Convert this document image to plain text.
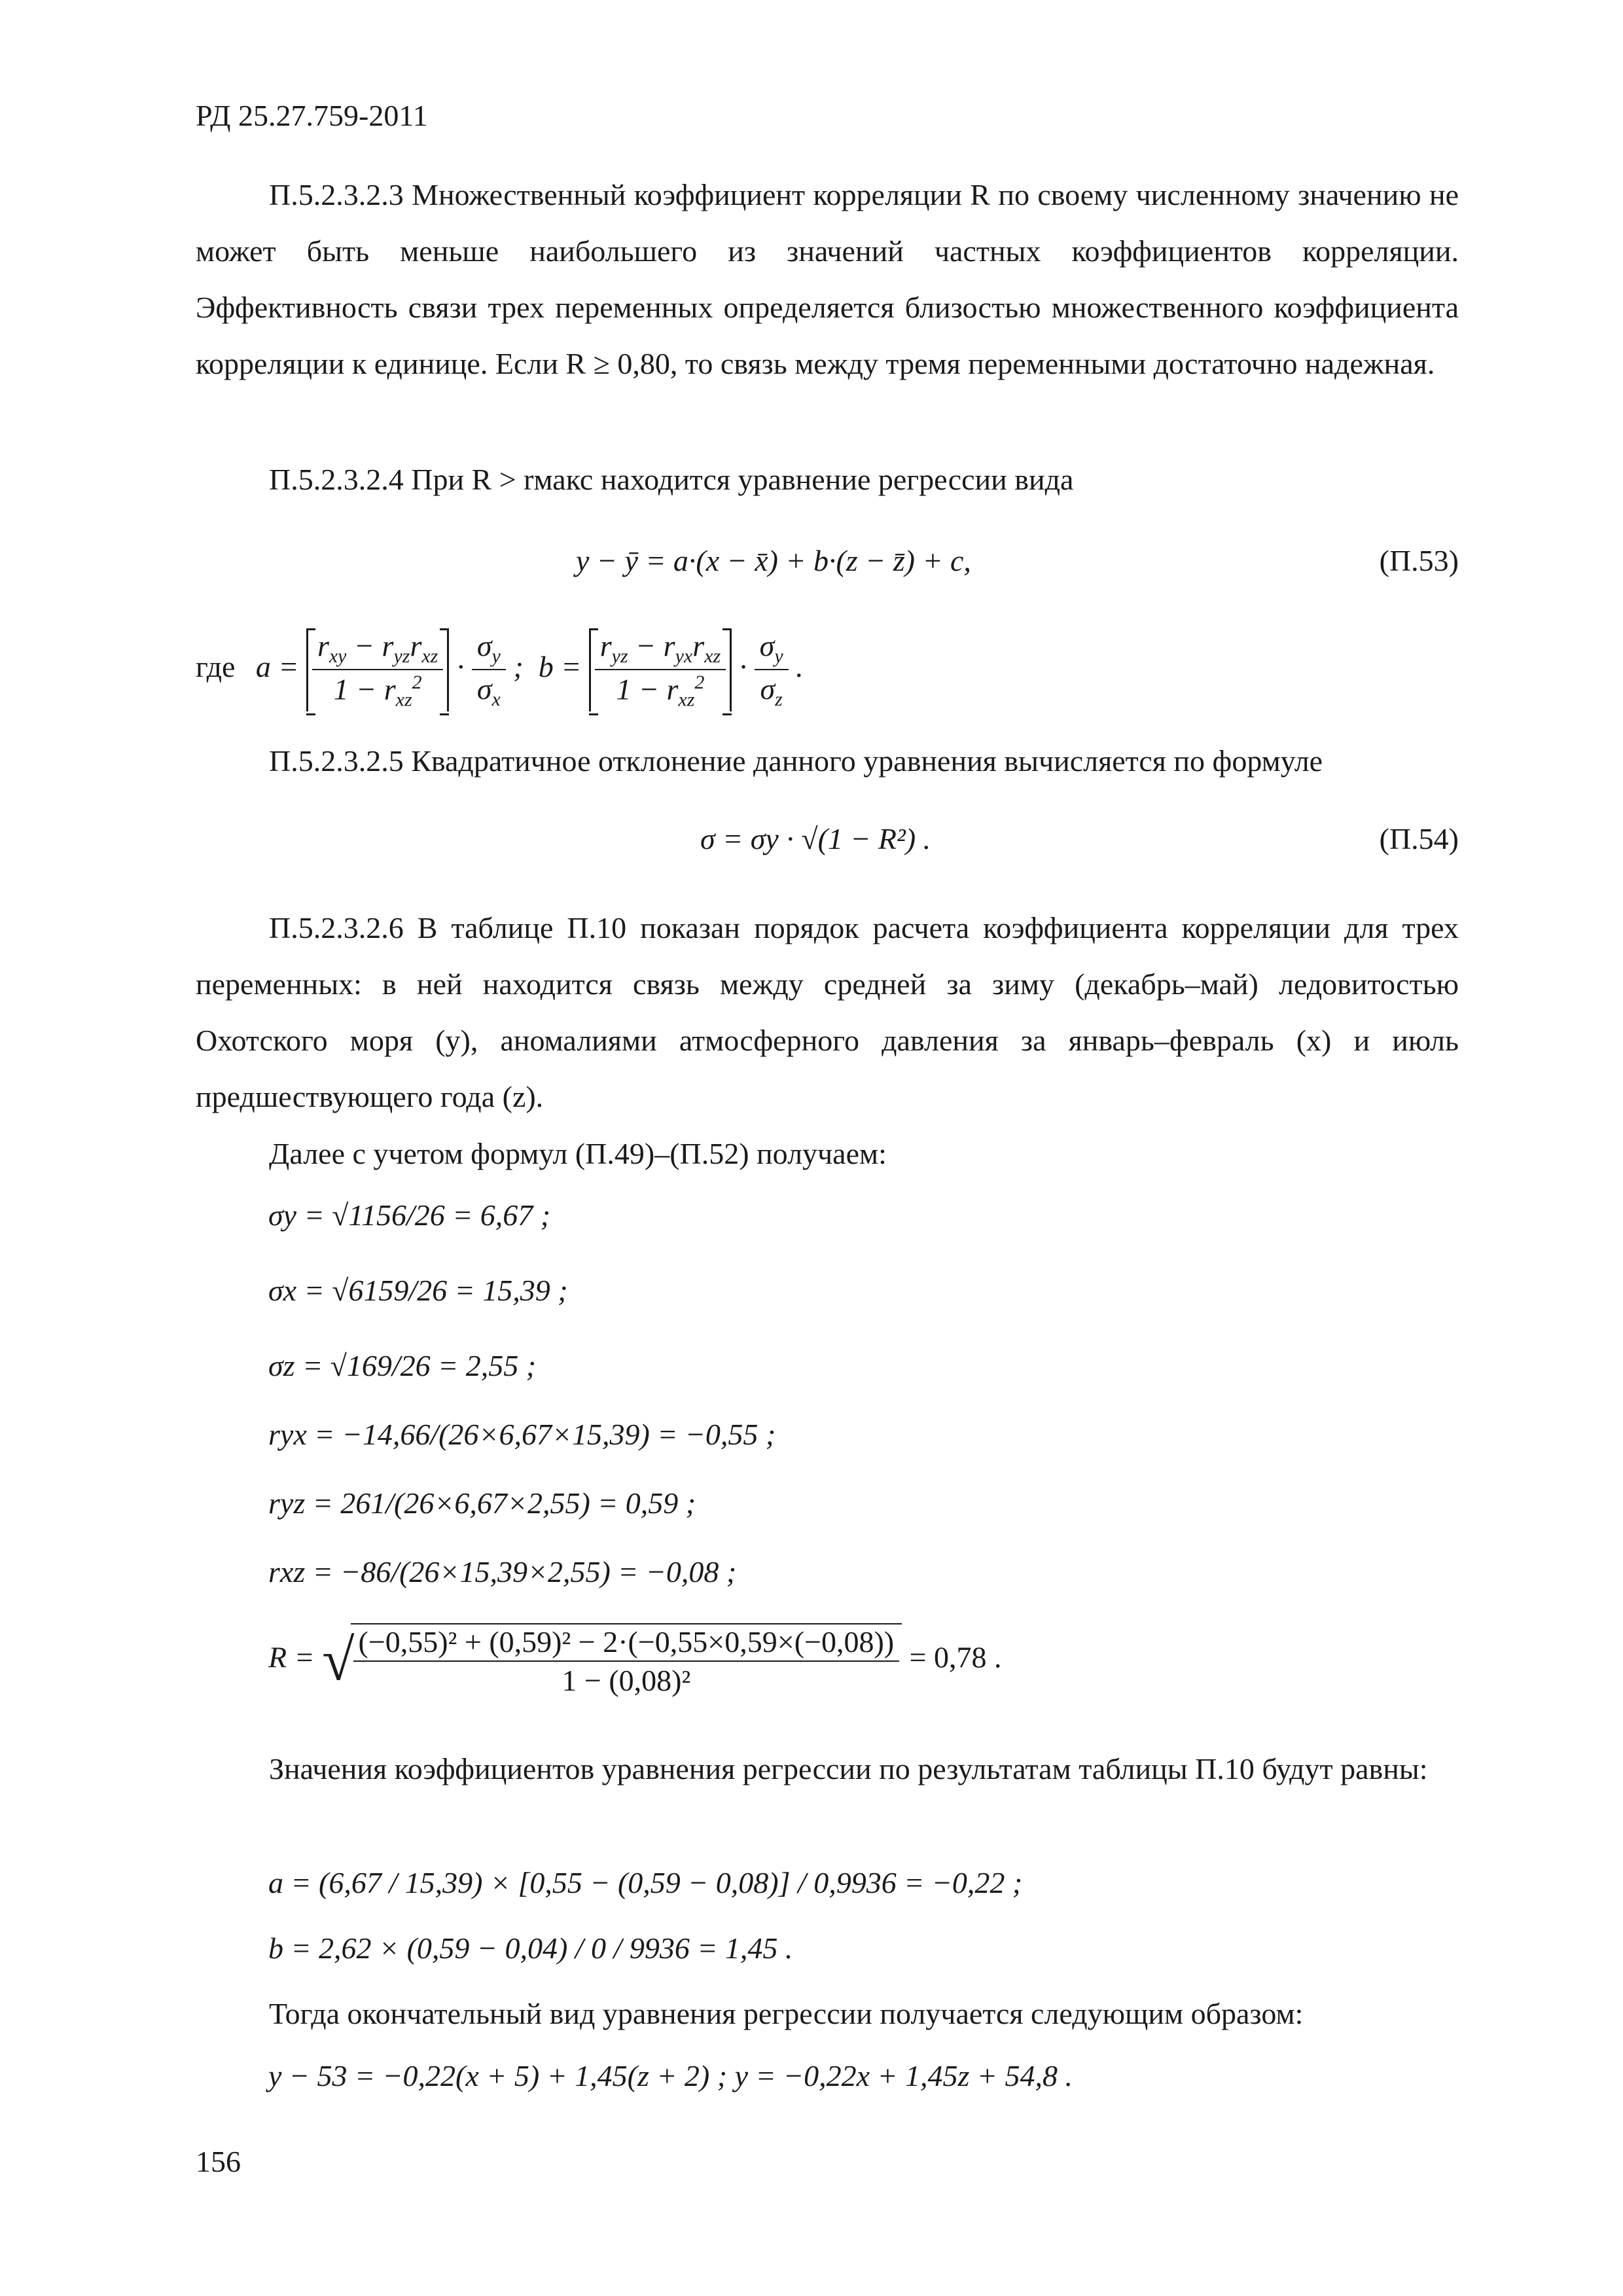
РД 25.27.759-2011
П.5.2.3.2.3 Множественный коэффициент корреляции R по своему численному значению не может быть меньше наибольшего из значений частных коэффициентов корреляции. Эффективность связи трех переменных определяется близостью множественного коэффициента корреляции к единице. Если R ≥ 0,80, то связь между тремя переменными достаточно надежная.
П.5.2.3.2.4 При R > rмакс находится уравнение регрессии вида
y − ȳ = a·(x − x̄) + b·(z − z̄) + c,	(П.53)
где $a = \frac{r_{xy} - r_{yz}r_{xz}}{1 - r_{xz}^2} \cdot \frac{\sigma_y}{\sigma_x}$ ;  $b = \frac{r_{yz} - r_{yx}r_{xz}}{1 - r_{xz}^2} \cdot \frac{\sigma_y}{\sigma_z}$ .
П.5.2.3.2.5 Квадратичное отклонение данного уравнения вычисляется по формуле
σ = σy · √(1 − R²) .	(П.54)
П.5.2.3.2.6 В таблице П.10 показан порядок расчета коэффициента корреляции для трех переменных: в ней находится связь между средней за зиму (декабрь–май) ледовитостью Охотского моря (y), аномалиями атмосферного давления за январь–февраль (x) и июль предшествующего года (z).
Далее с учетом формул (П.49)–(П.52) получаем:
σy = √1156/26 = 6,67 ;
σx = √6159/26 = 15,39 ;
σz = √169/26 = 2,55 ;
ryx = −14,66/(26×6,67×15,39) = −0,55 ;
ryz = 261/(26×6,67×2,55) = 0,59 ;
rxz = −86/(26×15,39×2,55) = −0,08 ;
R = √
$\frac{\text{(−0,55)² + (0,59)² − 2·(−0,55×0,59×(−0,08))}}{\text{1 − (0,08)²}} = 0,78$ .
Значения коэффициентов уравнения регрессии по результатам таблицы П.10 будут равны:
a = (6,67 / 15,39) × [0,55 − (0,59 − 0,08)] / 0,9936 = −0,22 ;
b = 2,62 × (0,59 − 0,04) / 0 / 9936 = 1,45 .
Тогда окончательный вид уравнения регрессии получается следующим образом:
y − 53 = −0,22(x + 5) + 1,45(z + 2) ; y = −0,22x + 1,45z + 54,8 .
156
